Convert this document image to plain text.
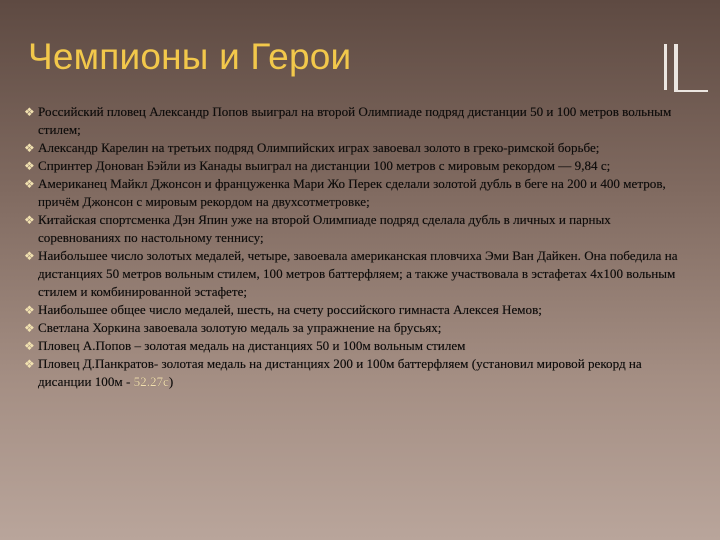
Чемпионы и Герои
❖ Российский пловец Александр Попов выиграл на второй Олимпиаде подряд дистанции 50 и 100 метров вольным стилем;
❖ Александр Карелин на третьих подряд Олимпийских играх завоевал золото в греко-римской борьбе;
❖ Спринтер Донован Бэйли из Канады выиграл на дистанции 100 метров с мировым рекордом — 9,84 с;
❖ Американец Майкл Джонсон и француженка Мари Жо Перек сделали золотой дубль в беге на 200 и 400 метров, причём Джонсон с мировым рекордом на двухсотметровке;
❖ Китайская спортсменка Дэн Япин уже на второй Олимпиаде подряд сделала дубль в личных и парных соревнованиях по настольному теннису;
❖ Наибольшее число золотых медалей, четыре, завоевала американская пловчиха Эми Ван Дайкен. Она победила на дистанциях 50 метров вольным стилем, 100 метров баттерфляем; а также участвовала в эстафетах 4х100 вольным стилем и комбинированной эстафете;
❖ Наибольшее общее число медалей, шесть, на счету российского гимнаста Алексея Немов;
❖ Светлана Хоркина завоевала золотую медаль за упражнение на брусьях;
❖ Пловец А.Попов – золотая медаль на дистанциях 50 и 100м вольным стилем
❖ Пловец Д.Панкратов- золотая медаль на дистанциях 200 и 100м баттерфляем (установил мировой рекорд на дисанции 100м - 52.27с)
